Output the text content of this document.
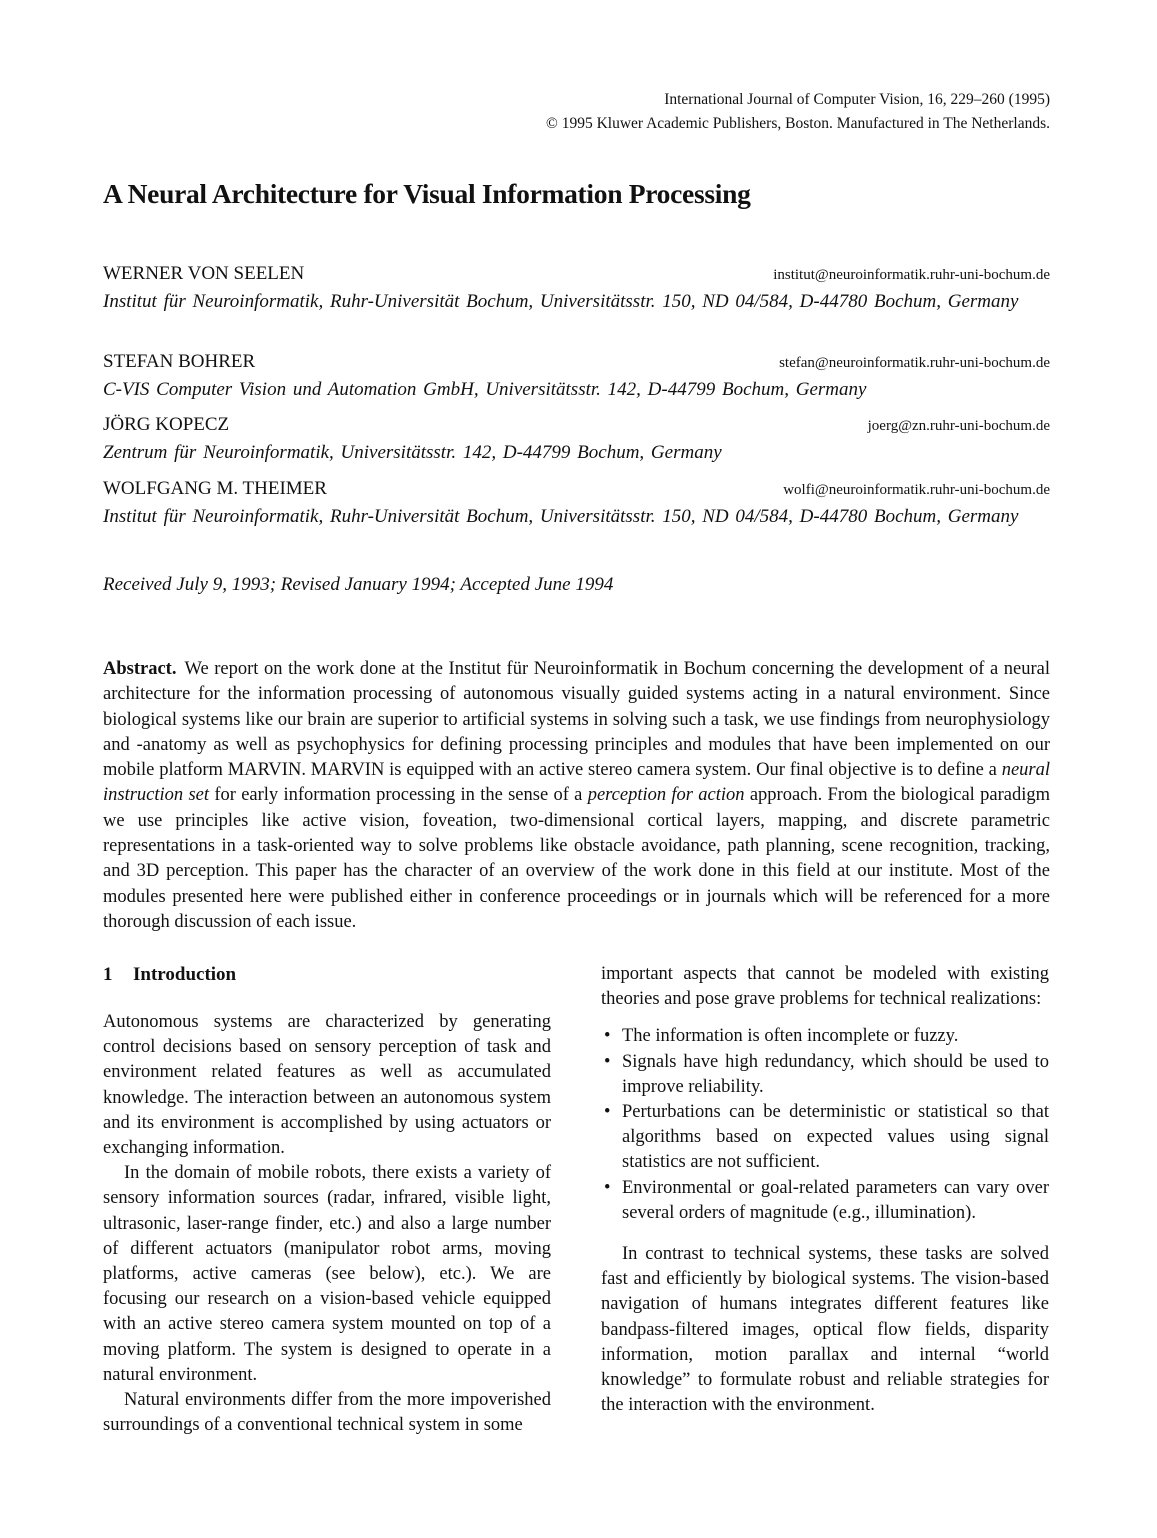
International Journal of Computer Vision, 16, 229–260 (1995)
© 1995 Kluwer Academic Publishers, Boston. Manufactured in The Netherlands.
A Neural Architecture for Visual Information Processing
WERNER VON SEELEN	institut@neuroinformatik.ruhr-uni-bochum.de
Institut für Neuroinformatik, Ruhr-Universität Bochum, Universitätsstr. 150, ND 04/584, D-44780 Bochum, Germany
STEFAN BOHRER	stefan@neuroinformatik.ruhr-uni-bochum.de
C-VIS Computer Vision und Automation GmbH, Universitätsstr. 142, D-44799 Bochum, Germany
JÖRG KOPECZ	joerg@zn.ruhr-uni-bochum.de
Zentrum für Neuroinformatik, Universitätsstr. 142, D-44799 Bochum, Germany
WOLFGANG M. THEIMER	wolfi@neuroinformatik.ruhr-uni-bochum.de
Institut für Neuroinformatik, Ruhr-Universität Bochum, Universitätsstr. 150, ND 04/584, D-44780 Bochum, Germany
Received July 9, 1993; Revised January 1994; Accepted June 1994

Abstract. We report on the work done at the Institut für Neuroinformatik in Bochum concerning the development of a neural architecture for the information processing of autonomous visually guided systems acting in a natural environment. Since biological systems like our brain are superior to artificial systems in solving such a task, we use findings from neurophysiology and -anatomy as well as psychophysics for defining processing principles and modules that have been implemented on our mobile platform MARVIN. MARVIN is equipped with an active stereo camera system. Our final objective is to define a neural instruction set for early information processing in the sense of a perception for action approach. From the biological paradigm we use principles like active vision, foveation, two-dimensional cortical layers, mapping, and discrete parametric representations in a task-oriented way to solve problems like obstacle avoidance, path planning, scene recognition, tracking, and 3D perception. This paper has the character of an overview of the work done in this field at our institute. Most of the modules presented here were published either in conference proceedings or in journals which will be referenced for a more thorough discussion of each issue.

1 Introduction

Autonomous systems are characterized by generating control decisions based on sensory perception of task and environment related features as well as accumulated knowledge. The interaction between an autonomous system and its environment is accomplished by using actuators or exchanging information.

In the domain of mobile robots, there exists a variety of sensory information sources (radar, infrared, visible light, ultrasonic, laser-range finder, etc.) and also a large number of different actuators (manipulator robot arms, moving platforms, active cameras (see below), etc.). We are focusing our research on a vision-based vehicle equipped with an active stereo camera system mounted on top of a moving platform. The system is designed to operate in a natural environment.

Natural environments differ from the more impoverished surroundings of a conventional technical system in some

important aspects that cannot be modeled with existing theories and pose grave problems for technical realizations:

• The information is often incomplete or fuzzy.
• Signals have high redundancy, which should be used to improve reliability.
• Perturbations can be deterministic or statistical so that algorithms based on expected values using signal statistics are not sufficient.
• Environmental or goal-related parameters can vary over several orders of magnitude (e.g., illumination).

In contrast to technical systems, these tasks are solved fast and efficiently by biological systems. The vision-based navigation of humans integrates different features like bandpass-filtered images, optical flow fields, disparity information, motion parallax and internal “world knowledge” to formulate robust and reliable strategies for the interaction with the environment.
